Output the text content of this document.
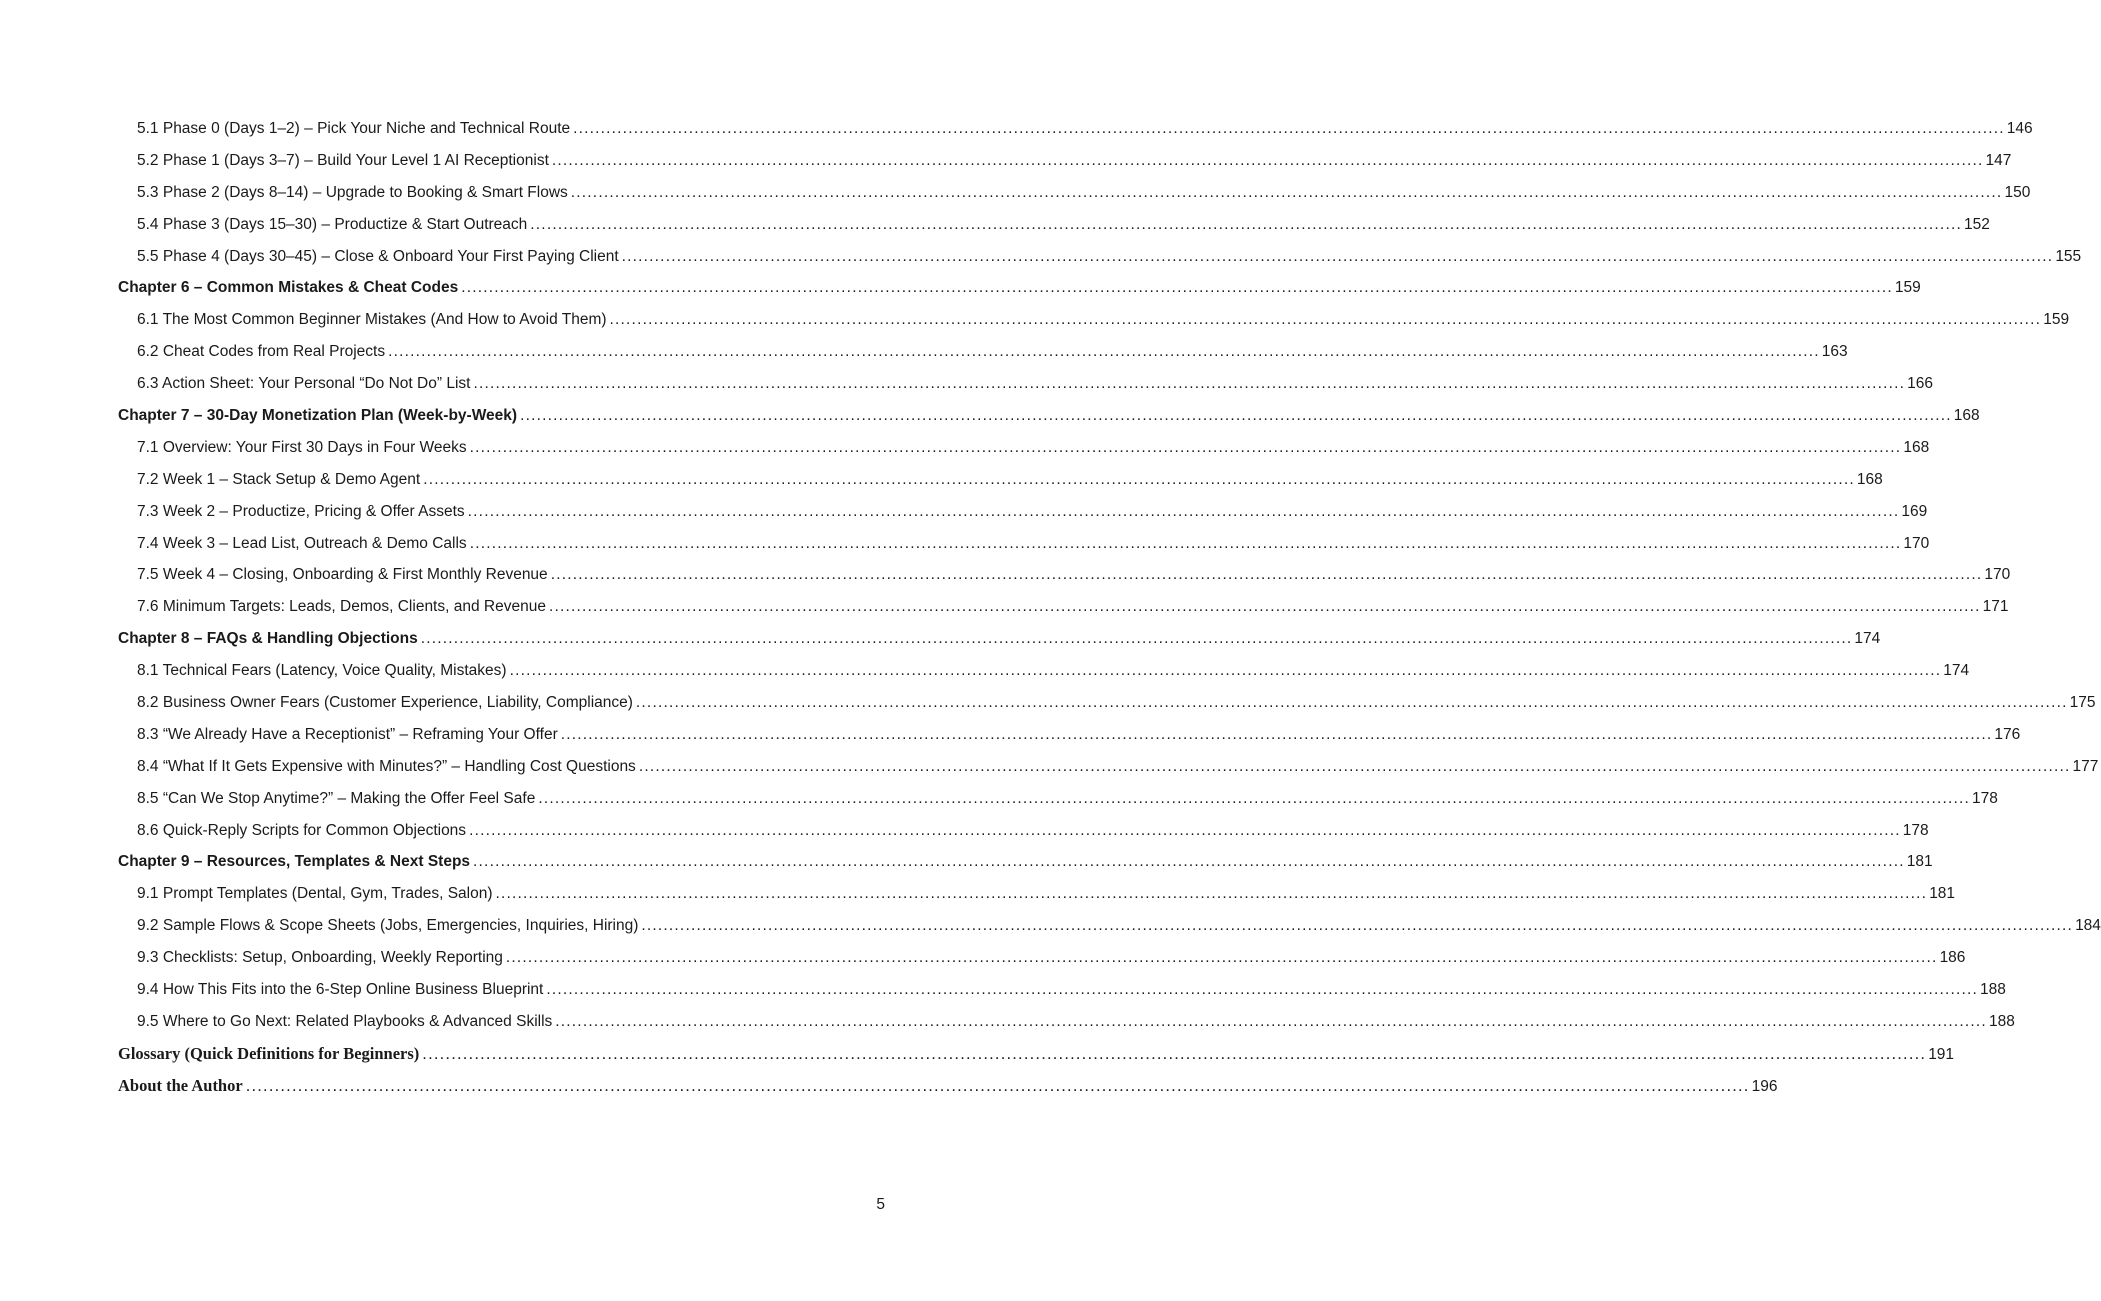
5.1 Phase 0 (Days 1–2) – Pick Your Niche and Technical Route .................................................................................................................................................................................................................................................................... 146
5.2 Phase 1 (Days 3–7) – Build Your Level 1 AI Receptionist .................................................................................................................................................................................................................................................................... 147
5.3 Phase 2 (Days 8–14) – Upgrade to Booking & Smart Flows .................................................................................................................................................................................................................................................................... 150
5.4 Phase 3 (Days 15–30) – Productize & Start Outreach .................................................................................................................................................................................................................................................................... 152
5.5 Phase 4 (Days 30–45) – Close & Onboard Your First Paying Client .................................................................................................................................................................................................................................................................... 155
Chapter 6 – Common Mistakes & Cheat Codes .................................................................................................................................................................................................................................................................... 159
6.1 The Most Common Beginner Mistakes (And How to Avoid Them) .................................................................................................................................................................................................................................................................... 159
6.2 Cheat Codes from Real Projects .................................................................................................................................................................................................................................................................... 163
6.3 Action Sheet: Your Personal “Do Not Do” List .................................................................................................................................................................................................................................................................... 166
Chapter 7 – 30-Day Monetization Plan (Week-by-Week) .................................................................................................................................................................................................................................................................... 168
7.1 Overview: Your First 30 Days in Four Weeks .................................................................................................................................................................................................................................................................... 168
7.2 Week 1 – Stack Setup & Demo Agent .................................................................................................................................................................................................................................................................... 168
7.3 Week 2 – Productize, Pricing & Offer Assets .................................................................................................................................................................................................................................................................... 169
7.4 Week 3 – Lead List, Outreach & Demo Calls .................................................................................................................................................................................................................................................................... 170
7.5 Week 4 – Closing, Onboarding & First Monthly Revenue .................................................................................................................................................................................................................................................................... 170
7.6 Minimum Targets: Leads, Demos, Clients, and Revenue .................................................................................................................................................................................................................................................................... 171
Chapter 8 – FAQs & Handling Objections .................................................................................................................................................................................................................................................................... 174
8.1 Technical Fears (Latency, Voice Quality, Mistakes) .................................................................................................................................................................................................................................................................... 174
8.2 Business Owner Fears (Customer Experience, Liability, Compliance) .................................................................................................................................................................................................................................................................... 175
8.3 “We Already Have a Receptionist” – Reframing Your Offer .................................................................................................................................................................................................................................................................... 176
8.4 “What If It Gets Expensive with Minutes?” – Handling Cost Questions .................................................................................................................................................................................................................................................................... 177
8.5 “Can We Stop Anytime?” – Making the Offer Feel Safe .................................................................................................................................................................................................................................................................... 178
8.6 Quick-Reply Scripts for Common Objections .................................................................................................................................................................................................................................................................... 178
Chapter 9 – Resources, Templates & Next Steps .................................................................................................................................................................................................................................................................... 181
9.1 Prompt Templates (Dental, Gym, Trades, Salon) .................................................................................................................................................................................................................................................................... 181
9.2 Sample Flows & Scope Sheets (Jobs, Emergencies, Inquiries, Hiring) .................................................................................................................................................................................................................................................................... 184
9.3 Checklists: Setup, Onboarding, Weekly Reporting .................................................................................................................................................................................................................................................................... 186
9.4 How This Fits into the 6-Step Online Business Blueprint .................................................................................................................................................................................................................................................................... 188
9.5 Where to Go Next: Related Playbooks & Advanced Skills .................................................................................................................................................................................................................................................................... 188
Glossary (Quick Definitions for Beginners) .................................................................................................................................................................................................................................................................... 191
About the Author .................................................................................................................................................................................................................................................................... 196
5
